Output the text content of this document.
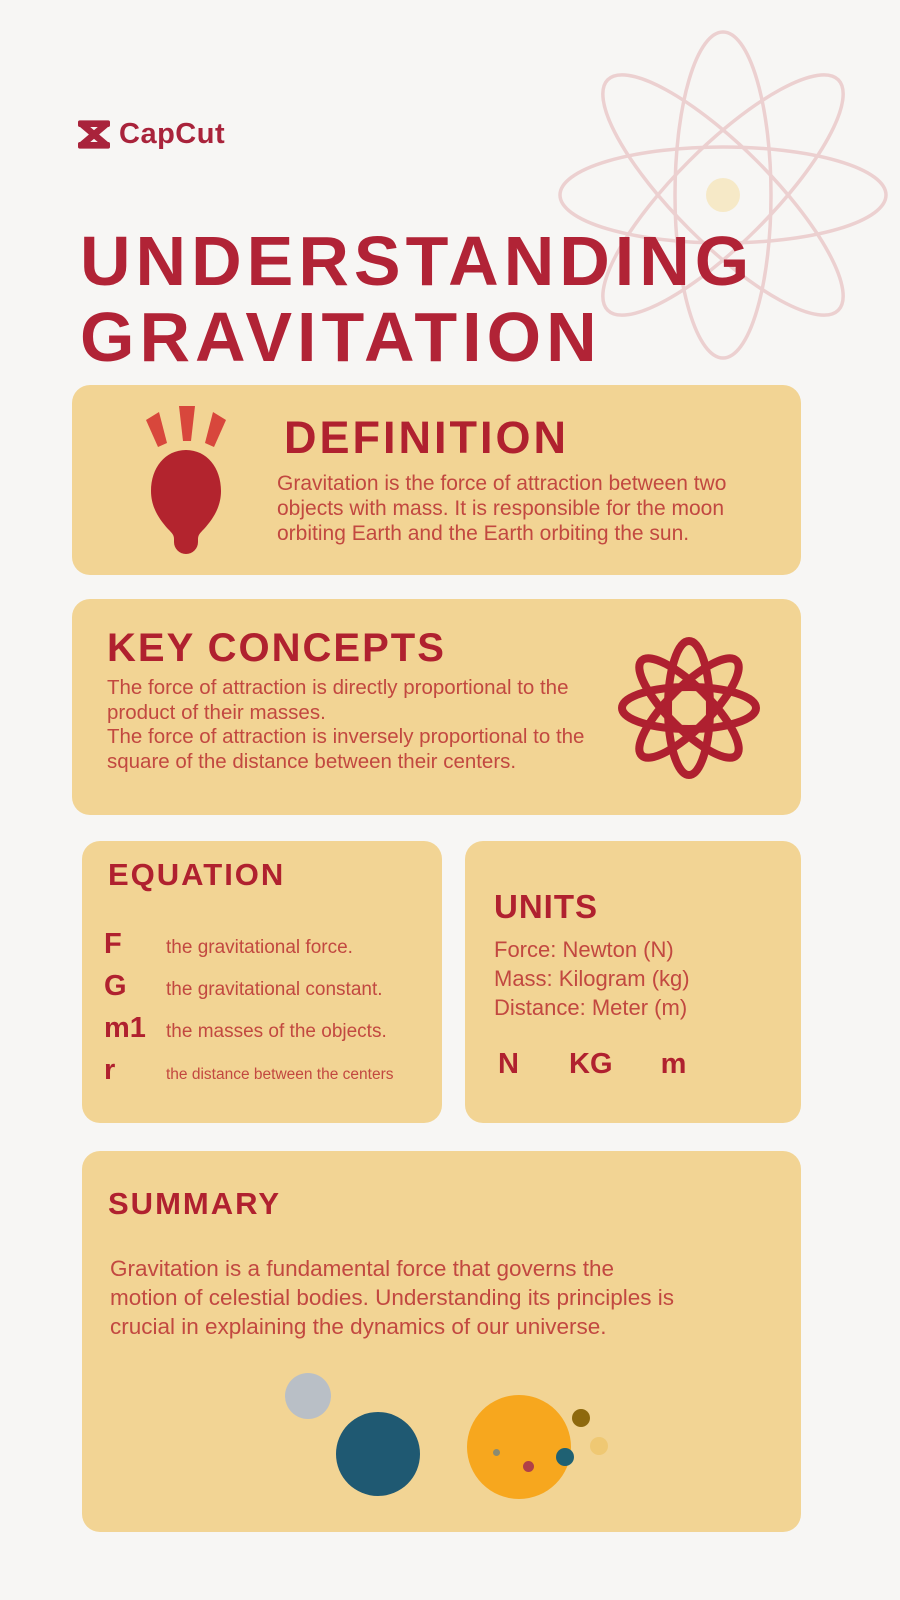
CapCut
UNDERSTANDING
GRAVITATION
DEFINITION
Gravitation is the force of attraction between two
objects with mass. It is responsible for the moon
orbiting Earth and the Earth orbiting the sun.
KEY CONCEPTS
The force of attraction is directly proportional to the
product of their masses.
The force of attraction is inversely proportional to the
square of the distance between their centers.
EQUATION
F	the gravitational force.
G	the gravitational constant.
m1	the masses of the objects.
r	the distance between the centers
UNITS
Force: Newton (N)
Mass: Kilogram (kg)
Distance: Meter (m)
N KG m
SUMMARY
Gravitation is a fundamental force that governs the
motion of celestial bodies. Understanding its principles is
crucial in explaining the dynamics of our universe.
